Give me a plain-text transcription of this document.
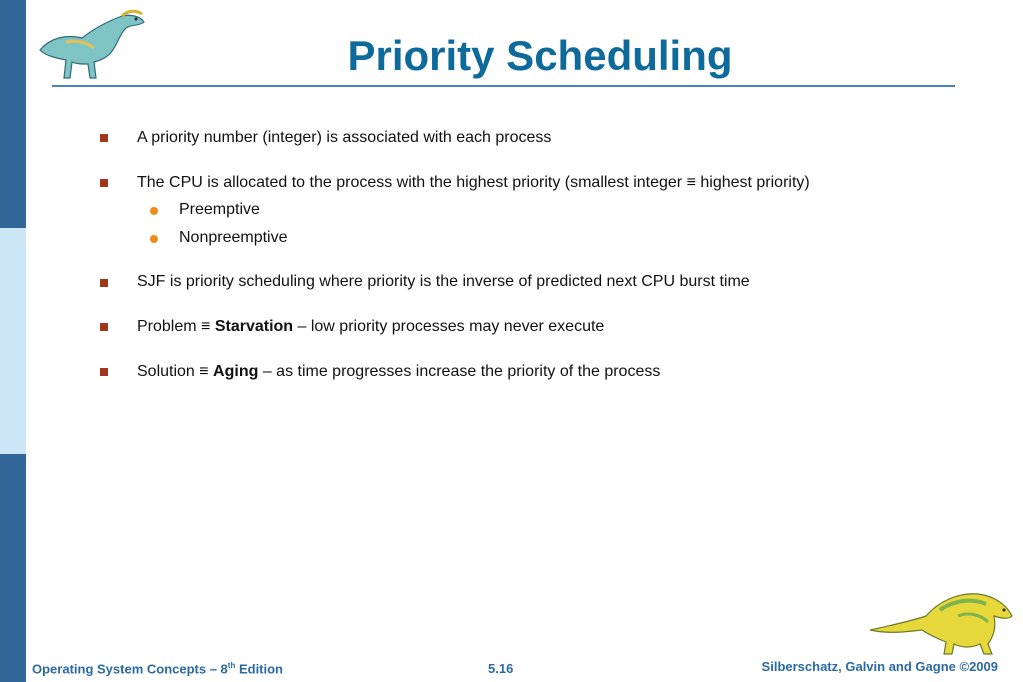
Priority Scheduling
A priority number (integer) is associated with each process
The CPU is allocated to the process with the highest priority (smallest integer ≡ highest priority)
Preemptive
Nonpreemptive
SJF is priority scheduling where priority is the inverse of predicted next CPU burst time
Problem ≡ Starvation – low priority processes may never execute
Solution ≡ Aging – as time progresses increase the priority of the process
Operating System Concepts – 8th Edition	5.16	Silberschatz, Galvin and Gagne ©2009
